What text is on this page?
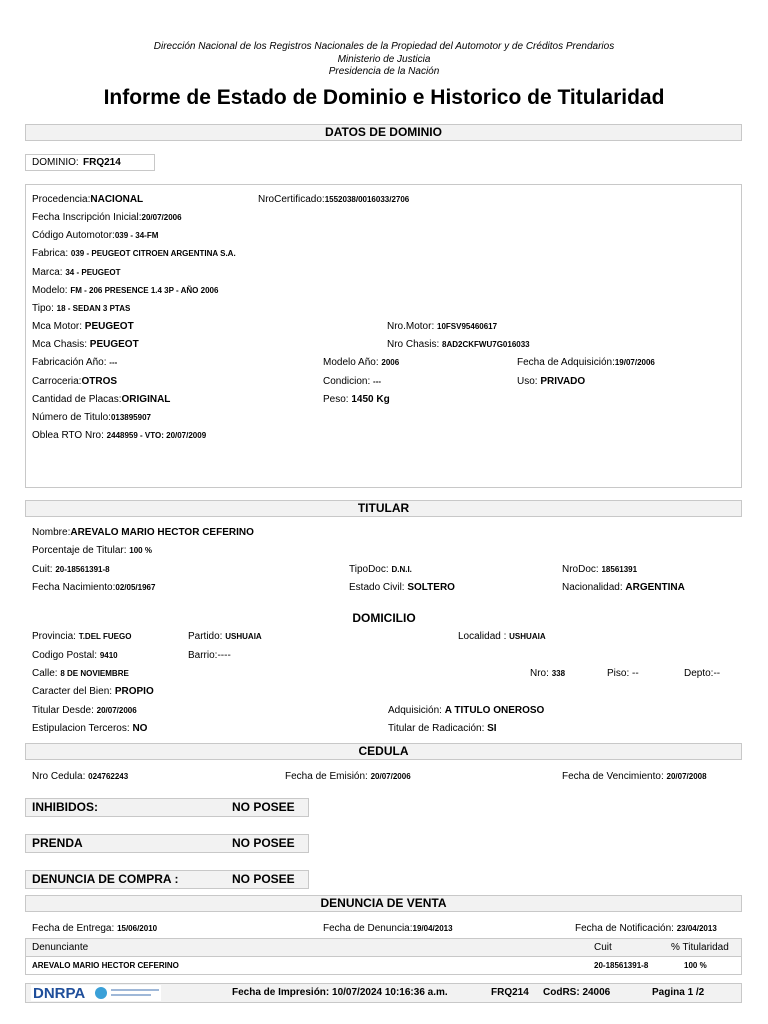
Dirección Nacional de los Registros Nacionales de la Propiedad del Automotor y de Créditos Prendarios
Ministerio de Justicia
Presidencia de la Nación
Informe de Estado de Dominio e Historico de Titularidad
DATOS DE DOMINIO
DOMINIO: FRQ214
Procedencia:NACIONAL	NroCertificado:1552038/0016033/2706
Fecha Inscripción Inicial:20/07/2006
Código Automotor:039 - 34-FM
Fabrica: 039 - PEUGEOT CITROEN ARGENTINA S.A.
Marca: 34 - PEUGEOT
Modelo: FM - 206 PRESENCE 1.4 3P - AÑO 2006
Tipo: 18 - SEDAN 3 PTAS
Mca Motor: PEUGEOT	Nro.Motor: 10FSV95460617
Mca Chasis: PEUGEOT	Nro Chasis: 8AD2CKFWU7G016033
Fabricación Año: ---	Modelo Año: 2006	Fecha de Adquisición:19/07/2006
Carroceria:OTROS	Condicion: ---	Uso: PRIVADO
Cantidad de Placas:ORIGINAL	Peso: 1450 Kg
Número de Titulo:013895907
Oblea RTO Nro: 2448959 - VTO: 20/07/2009
TITULAR
Nombre:AREVALO MARIO HECTOR CEFERINO
Porcentaje de Titular: 100 %
Cuit: 20-18561391-8	TipoDoc: D.N.I.	NroDoc: 18561391
Fecha Nacimiento:02/05/1967	Estado Civil: SOLTERO	Nacionalidad: ARGENTINA
DOMICILIO
Provincia: T.DEL FUEGO	Partido: USHUAIA	Localidad : USHUAIA
Codigo Postal: 9410	Barrio:----
Calle: 8 DE NOVIEMBRE	Nro: 338	Piso: --	Depto:--
Caracter del Bien: PROPIO
Titular Desde: 20/07/2006	Adquisición: A TITULO ONEROSO
Estipulacion Terceros: NO	Titular de Radicación: SI
CEDULA
Nro Cedula: 024762243	Fecha de Emisión: 20/07/2006	Fecha de Vencimiento: 20/07/2008
INHIBIDOS:	NO POSEE
PRENDA	NO POSEE
DENUNCIA DE COMPRA :	NO POSEE
DENUNCIA DE VENTA
Fecha de Entrega: 15/06/2010	Fecha de Denuncia:19/04/2013	Fecha de Notificación: 23/04/2013
Denunciante	Cuit	% Titularidad
AREVALO MARIO HECTOR CEFERINO	20-18561391-8	100 %
DNRPA	Fecha de Impresión: 10/07/2024 10:16:36 a.m.	FRQ214 CodRS: 24006	Pagina 1 /2
